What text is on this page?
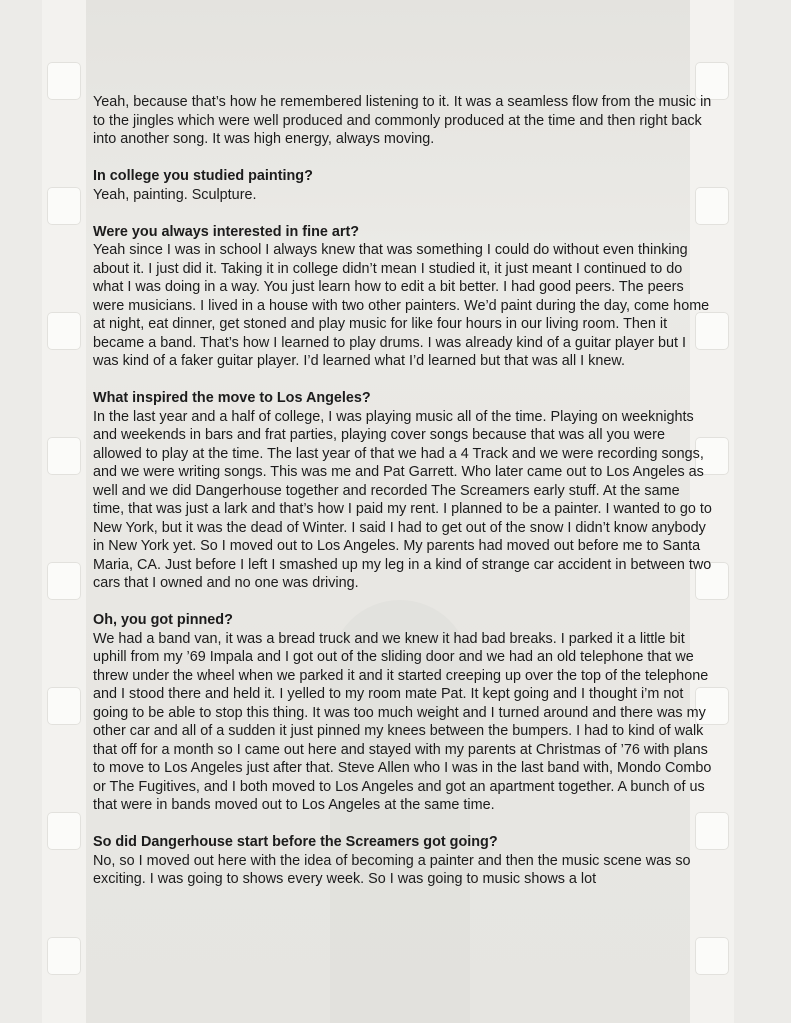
Yeah, because that’s how he remembered listening to it. It was a seamless flow from the music in to the jingles which were well produced and commonly produced at the time and then right back into another song. It was high energy, always moving.

In college you studied painting?

Yeah, painting. Sculpture.

Were you always interested in fine art?

Yeah since I was in school I always knew that was something I could do without even thinking about it. I just did it. Taking it in college didn’t mean I studied it, it just meant I continued to do what I was doing in a way. You just learn how to edit a bit better. I had good peers. The peers were musicians. I lived in a house with two other painters. We’d paint during the day, come home at night, eat dinner, get stoned and play music for like four hours in our living room. Then it became a band. That’s how I learned to play drums. I was already kind of a guitar player but I was kind of a faker guitar player. I’d learned what I’d learned but that was all I knew.

What inspired the move to Los Angeles?

In the last year and a half of college, I was playing music all of the time. Playing on weeknights and weekends in bars and frat parties, playing cover songs because that was all you were allowed to play at the time. The last year of that we had a 4 Track and we were recording songs, and we were writing songs. This was me and Pat Garrett. Who later came out to Los Angeles as well and we did Dangerhouse together and recorded The Screamers early stuff. At the same time, that was just a lark and that’s how I paid my rent. I planned to be a painter. I wanted to go to New York, but it was the dead of Winter. I said I had to get out of the snow I didn’t know anybody in New York yet. So I moved out to Los Angeles. My parents had moved out before me to Santa Maria, CA. Just before I left I smashed up my leg in a kind of strange car accident in between two cars that I owned and no one was driving.

Oh, you got pinned?

We had a band van, it was a bread truck and we knew it had bad breaks. I parked it a little bit uphill from my ’69 Impala and I got out of the sliding door and we had an old telephone that we threw under the wheel when we parked it and it started creeping up over the top of the telephone and I stood there and held it. I yelled to my room mate Pat. It kept going and I thought i’m not going to be able to stop this thing. It was too much weight and I turned around and there was my other car and all of a sudden it just pinned my knees between the bumpers. I had to kind of walk that off for a month so I came out here and stayed with my parents at Christmas of ’76 with plans to move to Los Angeles just after that. Steve Allen who I was in the last band with, Mondo Combo or The Fugitives, and I both moved to Los Angeles and got an apartment together. A bunch of us that were in bands moved out to Los Angeles at the same time.

So did Dangerhouse start before the Screamers got going?

No, so I moved out here with the idea of becoming a painter and then the music scene was so exciting. I was going to shows every week. So I was going to music shows a lot
